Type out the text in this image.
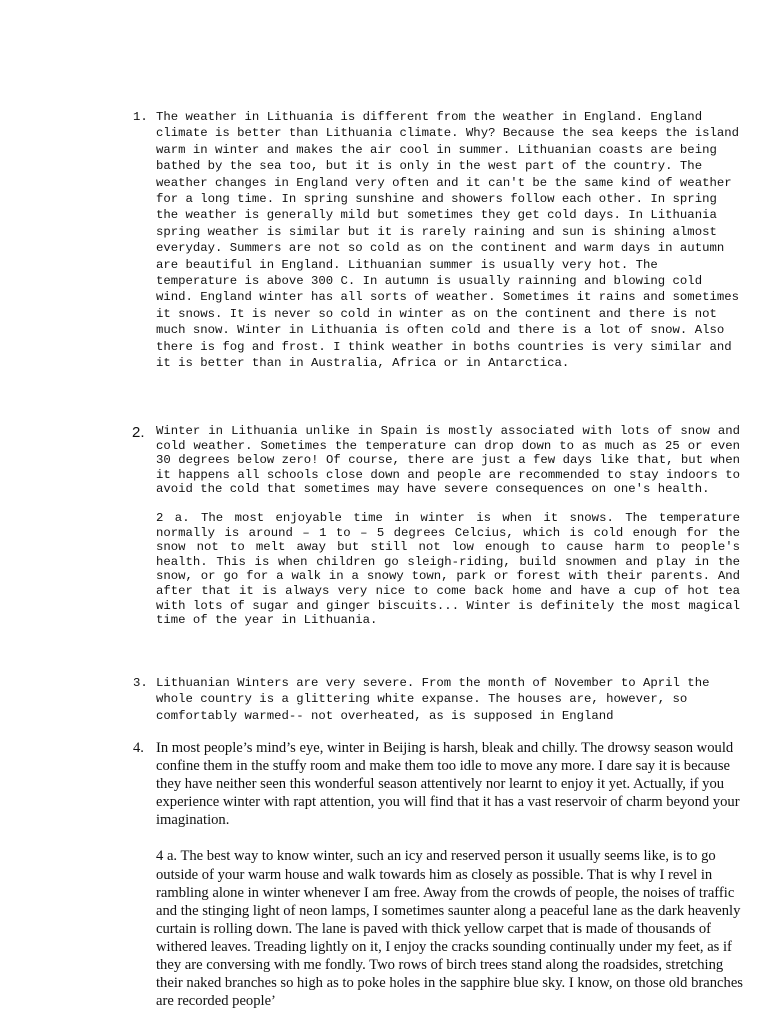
1. The weather in Lithuania is different from the weather in England. England climate is better than Lithuania climate. Why? Because the sea keeps the island warm in winter and makes the air cool in summer. Lithuanian coasts are being bathed by the sea too, but it is only in the west part of the country. The weather changes in England very often and it can't be the same kind of weather for a long time. In spring sunshine and showers follow each other. In spring the weather is generally mild but sometimes they get cold days. In Lithuania spring weather is similar but it is rarely raining and sun is shining almost everyday. Summers are not so cold as on the continent and warm days in autumn are beautiful in England. Lithuanian summer is usually very hot. The temperature is above 300 C. In autumn is usually rainning and blowing cold wind. England winter has all sorts of weather. Sometimes it rains and sometimes it snows. It is never so cold in winter as on the continent and there is not much snow. Winter in Lithuania is often cold and there is a lot of snow. Also there is fog and frost. I think weather in boths countries is very similar and it is better than in Australia, Africa or in Antarctica.

2. Winter in Lithuania unlike in Spain is mostly associated with lots of snow and cold weather. Sometimes the temperature can drop down to as much as 25 or even 30 degrees below zero! Of course, there are just a few days like that, but when it happens all schools close down and people are recommended to stay indoors to avoid the cold that sometimes may have severe consequences on one's health.

2 a. The most enjoyable time in winter is when it snows. The temperature normally is around – 1 to – 5 degrees Celcius, which is cold enough for the snow not to melt away but still not low enough to cause harm to people's health. This is when children go sleigh-riding, build snowmen and play in the snow, or go for a walk in a snowy town, park or forest with their parents. And after that it is always very nice to come back home and have a cup of hot tea with lots of sugar and ginger biscuits... Winter is definitely the most magical time of the year in Lithuania.

3. Lithuanian Winters are very severe. From the month of November to April the whole country is a glittering white expanse. The houses are, however, so comfortably warmed-- not overheated, as is supposed in England

4. In most people’s mind’s eye, winter in Beijing is harsh, bleak and chilly. The drowsy season would confine them in the stuffy room and make them too idle to move any more. I dare say it is because they have neither seen this wonderful season attentively nor learnt to enjoy it yet. Actually, if you experience winter with rapt attention, you will find that it has a vast reservoir of charm beyond your imagination.

4 a. The best way to know winter, such an icy and reserved person it usually seems like, is to go outside of your warm house and walk towards him as closely as possible. That is why I revel in rambling alone in winter whenever I am free. Away from the crowds of people, the noises of traffic and the stinging light of neon lamps, I sometimes saunter along a peaceful lane as the dark heavenly curtain is rolling down. The lane is paved with thick yellow carpet that is made of thousands of withered leaves. Treading lightly on it, I enjoy the cracks sounding continually under my feet, as if they are conversing with me fondly. Two rows of birch trees stand along the roadsides, stretching their naked branches so high as to poke holes in the sapphire blue sky. I know, on those old branches are recorded people’
